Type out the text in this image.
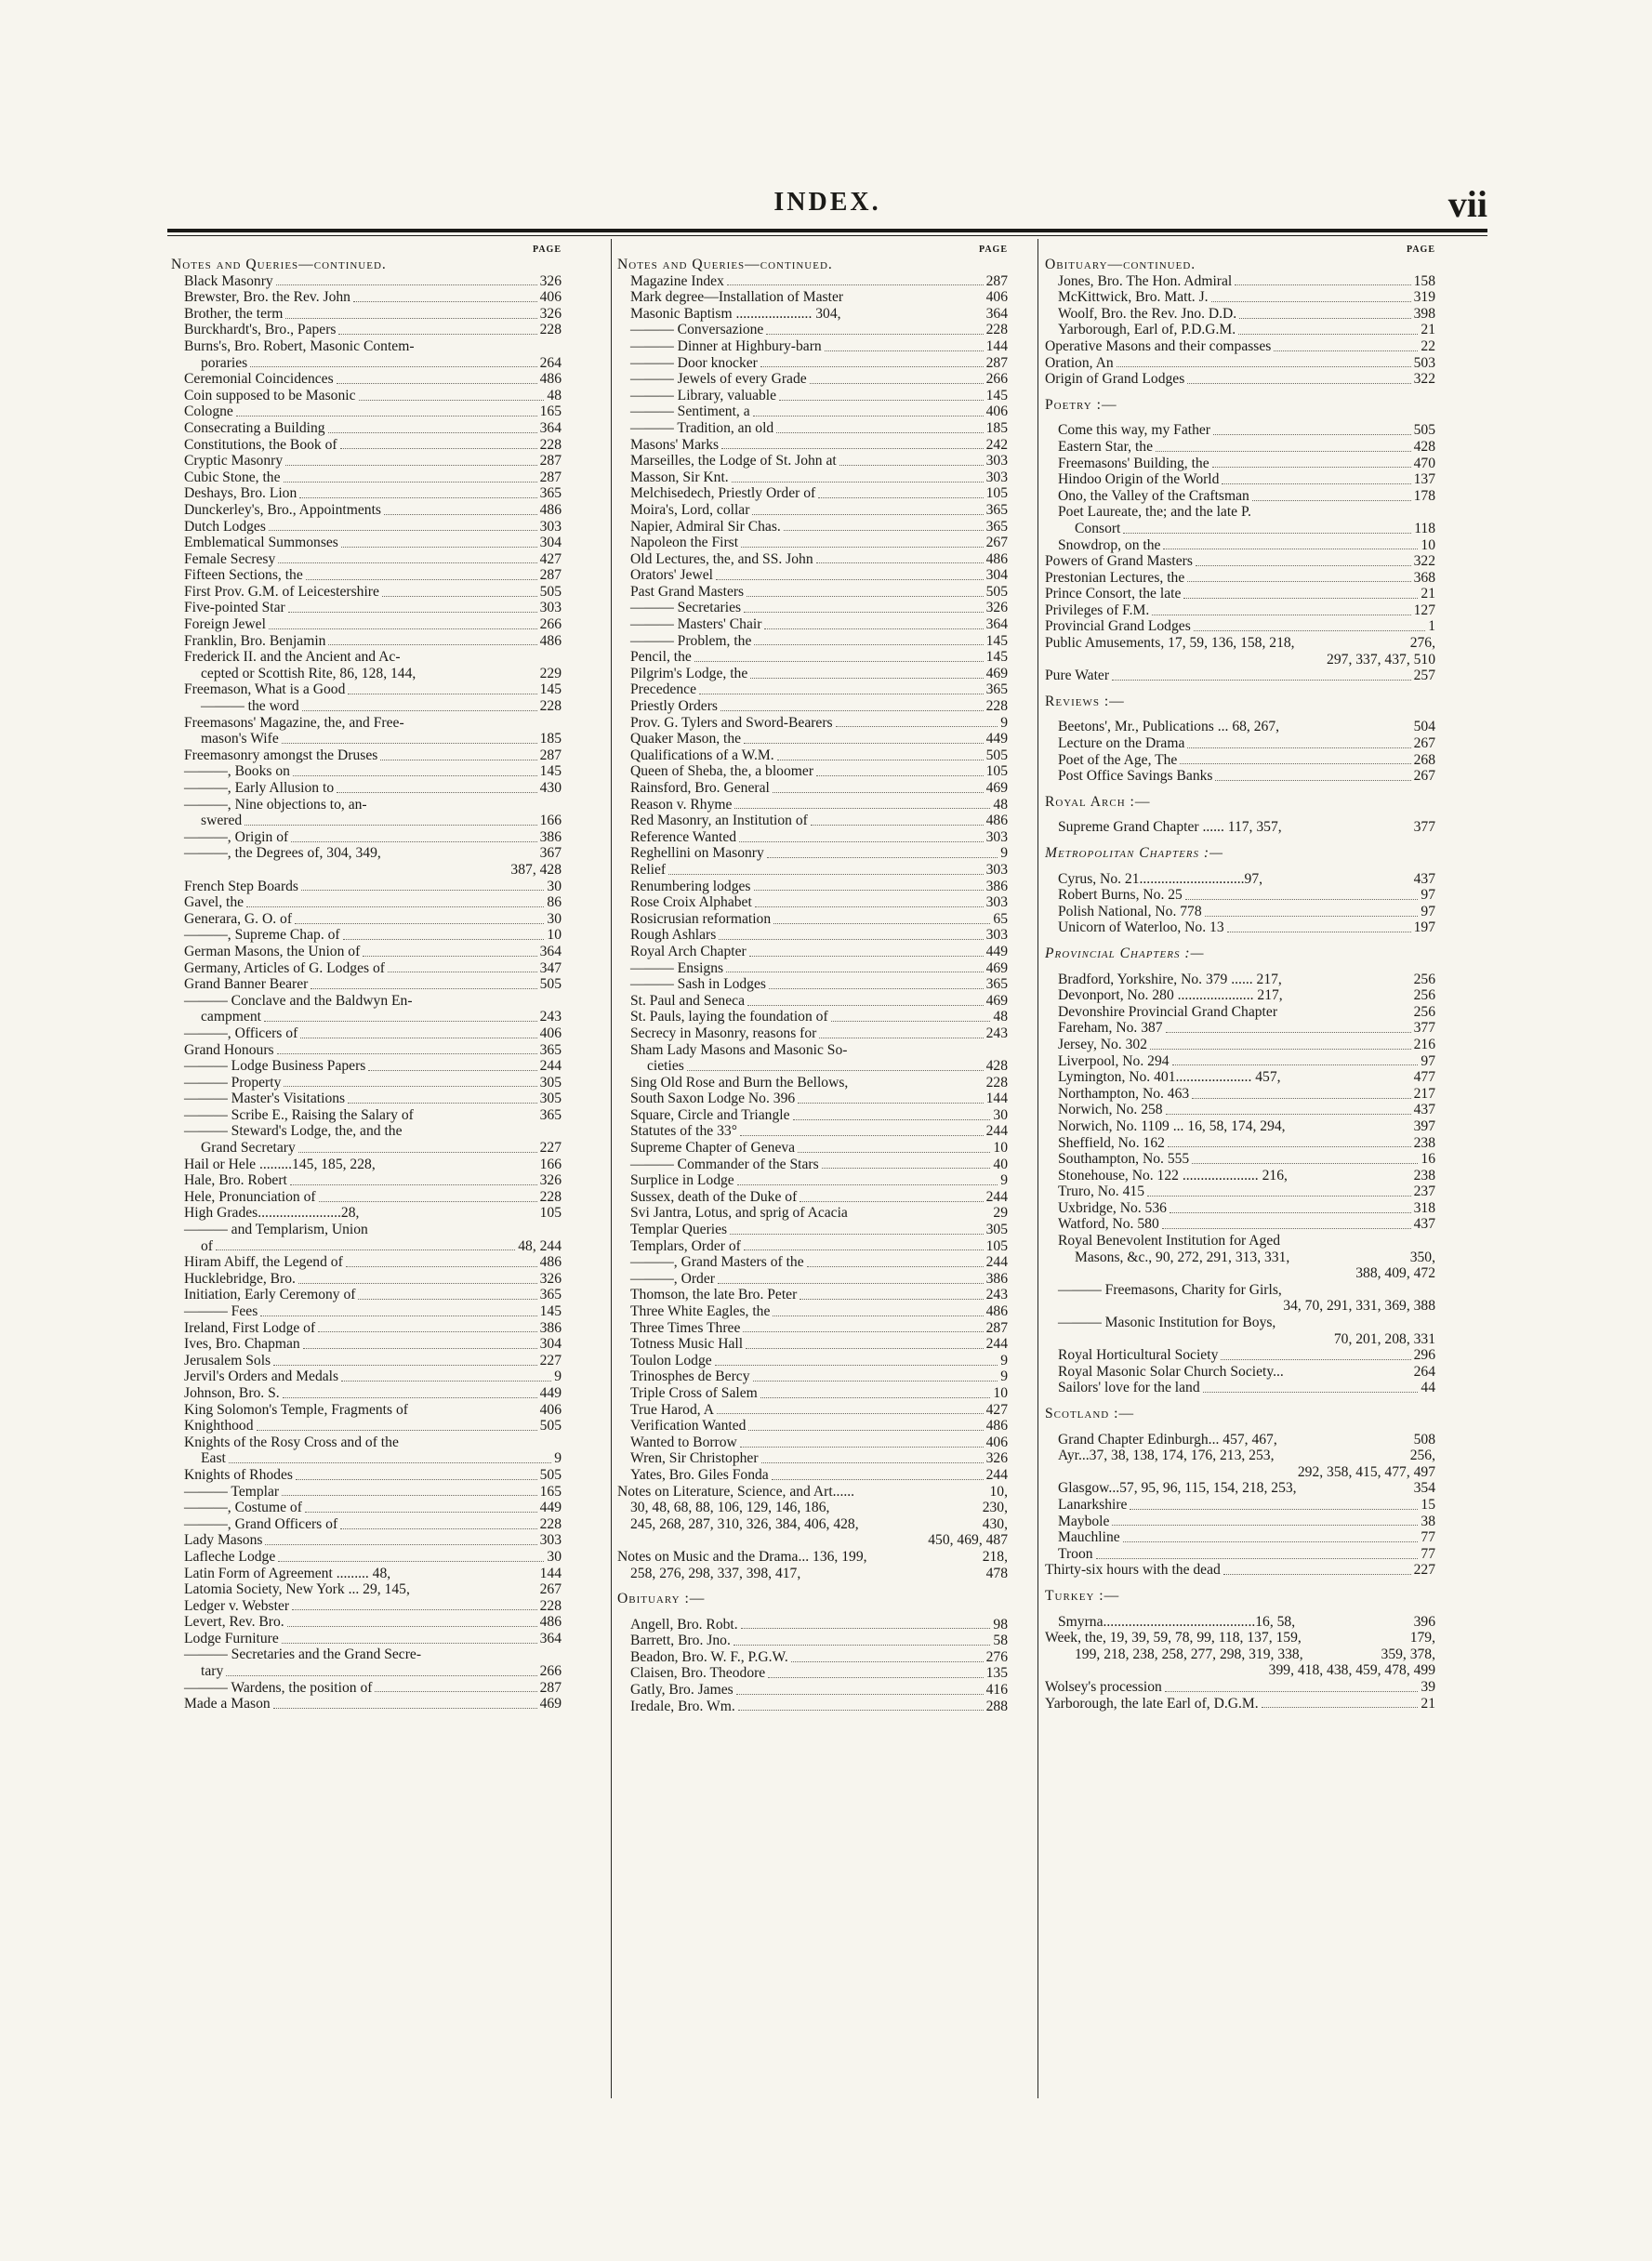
INDEX.	vii
PAGE
Notes and Queries—continued.
Black Masonry	326
Brewster, Bro. the Rev. John	406
Brother, the term	326
Burckhardt's, Bro., Papers	228
Burns's, Bro. Robert, Masonic Contem-
poraries	264
Ceremonial Coincidences	486
Coin supposed to be Masonic	48
Cologne	165
Consecrating a Building	364
Constitutions, the Book of	228
Cryptic Masonry	287
Cubic Stone, the	287
Deshays, Bro. Lion	365
Dunckerley's, Bro., Appointments	486
Dutch Lodges	303
Emblematical Summonses	304
Female Secresy	427
Fifteen Sections, the	287
First Prov. G.M. of Leicestershire	505
Five-pointed Star	303
Foreign Jewel	266
Franklin, Bro. Benjamin	486
Frederick II. and the Ancient and Ac-
cepted or Scottish Rite, 86, 128, 144,	229
Freemason, What is a Good	145
——— the word	228
Freemasons' Magazine, the, and Free-
mason's Wife	185
Freemasonry amongst the Druses	287
———, Books on	145
———, Early Allusion to	430
———, Nine objections to, an-
swered	166
———, Origin of	386
———, the Degrees of, 304, 349,	367
387, 428
French Step Boards	30
Gavel, the	86
Generara, G. O. of	30
———, Supreme Chap. of	10
German Masons, the Union of	364
Germany, Articles of G. Lodges of	347
Grand Banner Bearer	505
——— Conclave and the Baldwyn En-
campment	243
———, Officers of	406
Grand Honours	365
——— Lodge Business Papers	244
——— Property	305
——— Master's Visitations	305
——— Scribe E., Raising the Salary of	365
——— Steward's Lodge, the, and the
Grand Secretary	227
Hail or Hele .........145, 185, 228,	166
Hale, Bro. Robert	326
Hele, Pronunciation of	228
High Grades.......................28,	105
——— and Templarism, Union
of	48, 244
Hiram Abiff, the Legend of	486
Hucklebridge, Bro.	326
Initiation, Early Ceremony of	365
——— Fees	145
Ireland, First Lodge of	386
Ives, Bro. Chapman	304
Jerusalem Sols	227
Jervil's Orders and Medals	9
Johnson, Bro. S.	449
King Solomon's Temple, Fragments of	406
Knighthood	505
Knights of the Rosy Cross and of the
East	9
Knights of Rhodes	505
——— Templar	165
———, Costume of	449
———, Grand Officers of	228
Lady Masons	303
Lafleche Lodge	30
Latin Form of Agreement ......... 48,	144
Latomia Society, New York ... 29, 145,	267
Ledger v. Webster	228
Levert, Rev. Bro.	486
Lodge Furniture	364
——— Secretaries and the Grand Secre-
tary	266
——— Wardens, the position of	287
Made a Mason	469
PAGE
Notes and Queries—continued.
Magazine Index	287
Mark degree—Installation of Master	406
Masonic Baptism ..................... 304,	364
——— Conversazione	228
——— Dinner at Highbury-barn	144
——— Door knocker	287
——— Jewels of every Grade	266
——— Library, valuable	145
——— Sentiment, a	406
——— Tradition, an old	185
Masons' Marks	242
Marseilles, the Lodge of St. John at	303
Masson, Sir Knt.	303
Melchisedech, Priestly Order of	105
Moira's, Lord, collar	365
Napier, Admiral Sir Chas.	365
Napoleon the First	267
Old Lectures, the, and SS. John	486
Orators' Jewel	304
Past Grand Masters	505
——— Secretaries	326
——— Masters' Chair	364
——— Problem, the	145
Pencil, the	145
Pilgrim's Lodge, the	469
Precedence	365
Priestly Orders	228
Prov. G. Tylers and Sword-Bearers	9
Quaker Mason, the	449
Qualifications of a W.M.	505
Queen of Sheba, the, a bloomer	105
Rainsford, Bro. General	469
Reason v. Rhyme	48
Red Masonry, an Institution of	486
Reference Wanted	303
Reghellini on Masonry	9
Relief	303
Renumbering lodges	386
Rose Croix Alphabet	303
Rosicrusian reformation	65
Rough Ashlars	303
Royal Arch Chapter	449
——— Ensigns	469
——— Sash in Lodges	365
St. Paul and Seneca	469
St. Pauls, laying the foundation of	48
Secrecy in Masonry, reasons for	243
Sham Lady Masons and Masonic So-
cieties	428
Sing Old Rose and Burn the Bellows,	228
South Saxon Lodge No. 396	144
Square, Circle and Triangle	30
Statutes of the 33°	244
Supreme Chapter of Geneva	10
——— Commander of the Stars	40
Surplice in Lodge	9
Sussex, death of the Duke of	244
Svi Jantra, Lotus, and sprig of Acacia	29
Templar Queries	305
Templars, Order of	105
———, Grand Masters of the	244
———, Order	386
Thomson, the late Bro. Peter	243
Three White Eagles, the	486
Three Times Three	287
Totness Music Hall	244
Toulon Lodge	9
Trinosphes de Bercy	9
Triple Cross of Salem	10
True Harod, A	427
Verification Wanted	486
Wanted to Borrow	406
Wren, Sir Christopher	326
Yates, Bro. Giles Fonda	244
Notes on Literature, Science, and Art......	10,
30, 48, 68, 88, 106, 129, 146, 186,	230,
245, 268, 287, 310, 326, 384, 406, 428,	430,
450, 469, 487
Notes on Music and the Drama... 136, 199,	218,
258, 276, 298, 337, 398, 417,	478
Obituary :—
Angell, Bro. Robt.	98
Barrett, Bro. Jno.	58
Beadon, Bro. W. F., P.G.W.	276
Claisen, Bro. Theodore	135
Gatly, Bro. James	416
Iredale, Bro. Wm.	288
PAGE
Obituary—continued.
Jones, Bro. The Hon. Admiral	158
McKittwick, Bro. Matt. J.	319
Woolf, Bro. the Rev. Jno. D.D.	398
Yarborough, Earl of, P.D.G.M.	21
Operative Masons and their compasses	22
Oration, An	503
Origin of Grand Lodges	322
Poetry :—
Come this way, my Father	505
Eastern Star, the	428
Freemasons' Building, the	470
Hindoo Origin of the World	137
Ono, the Valley of the Craftsman	178
Poet Laureate, the; and the late P.
Consort	118
Snowdrop, on the	10
Powers of Grand Masters	322
Prestonian Lectures, the	368
Prince Consort, the late	21
Privileges of F.M.	127
Provincial Grand Lodges	1
Public Amusements, 17, 59, 136, 158, 218,	276,
297, 337, 437, 510
Pure Water	257
Reviews :—
Beetons', Mr., Publications ... 68, 267,	504
Lecture on the Drama	267
Poet of the Age, The	268
Post Office Savings Banks	267
Royal Arch :—
Supreme Grand Chapter ...... 117, 357,	377
Metropolitan Chapters :—
Cyrus, No. 21.............................97,	437
Robert Burns, No. 25	97
Polish National, No. 778	97
Unicorn of Waterloo, No. 13	197
Provincial Chapters :—
Bradford, Yorkshire, No. 379 ...... 217,	256
Devonport, No. 280 ..................... 217,	256
Devonshire Provincial Grand Chapter	256
Fareham, No. 387	377
Jersey, No. 302	216
Liverpool, No. 294	97
Lymington, No. 401..................... 457,	477
Northampton, No. 463	217
Norwich, No. 258	437
Norwich, No. 1109 ... 16, 58, 174, 294,	397
Sheffield, No. 162	238
Southampton, No. 555	16
Stonehouse, No. 122 ..................... 216,	238
Truro, No. 415	237
Uxbridge, No. 536	318
Watford, No. 580	437
Royal Benevolent Institution for Aged
Masons, &c., 90, 272, 291, 313, 331,	350,
388, 409, 472
——— Freemasons, Charity for Girls,
34, 70, 291, 331, 369, 388
——— Masonic Institution for Boys,
70, 201, 208, 331
Royal Horticultural Society	296
Royal Masonic Solar Church Society...	264
Sailors' love for the land	44
Scotland :—
Grand Chapter Edinburgh... 457, 467,	508
Ayr...37, 38, 138, 174, 176, 213, 253,	256,
292, 358, 415, 477, 497
Glasgow...57, 95, 96, 115, 154, 218, 253,	354
Lanarkshire	15
Maybole	38
Mauchline	77
Troon	77
Thirty-six hours with the dead	227
Turkey :—
Smyrna..........................................16, 58,	396
Week, the, 19, 39, 59, 78, 99, 118, 137, 159,	179,
199, 218, 238, 258, 277, 298, 319, 338,	359, 378,
399, 418, 438, 459, 478, 499
Wolsey's procession	39
Yarborough, the late Earl of, D.G.M.	21
